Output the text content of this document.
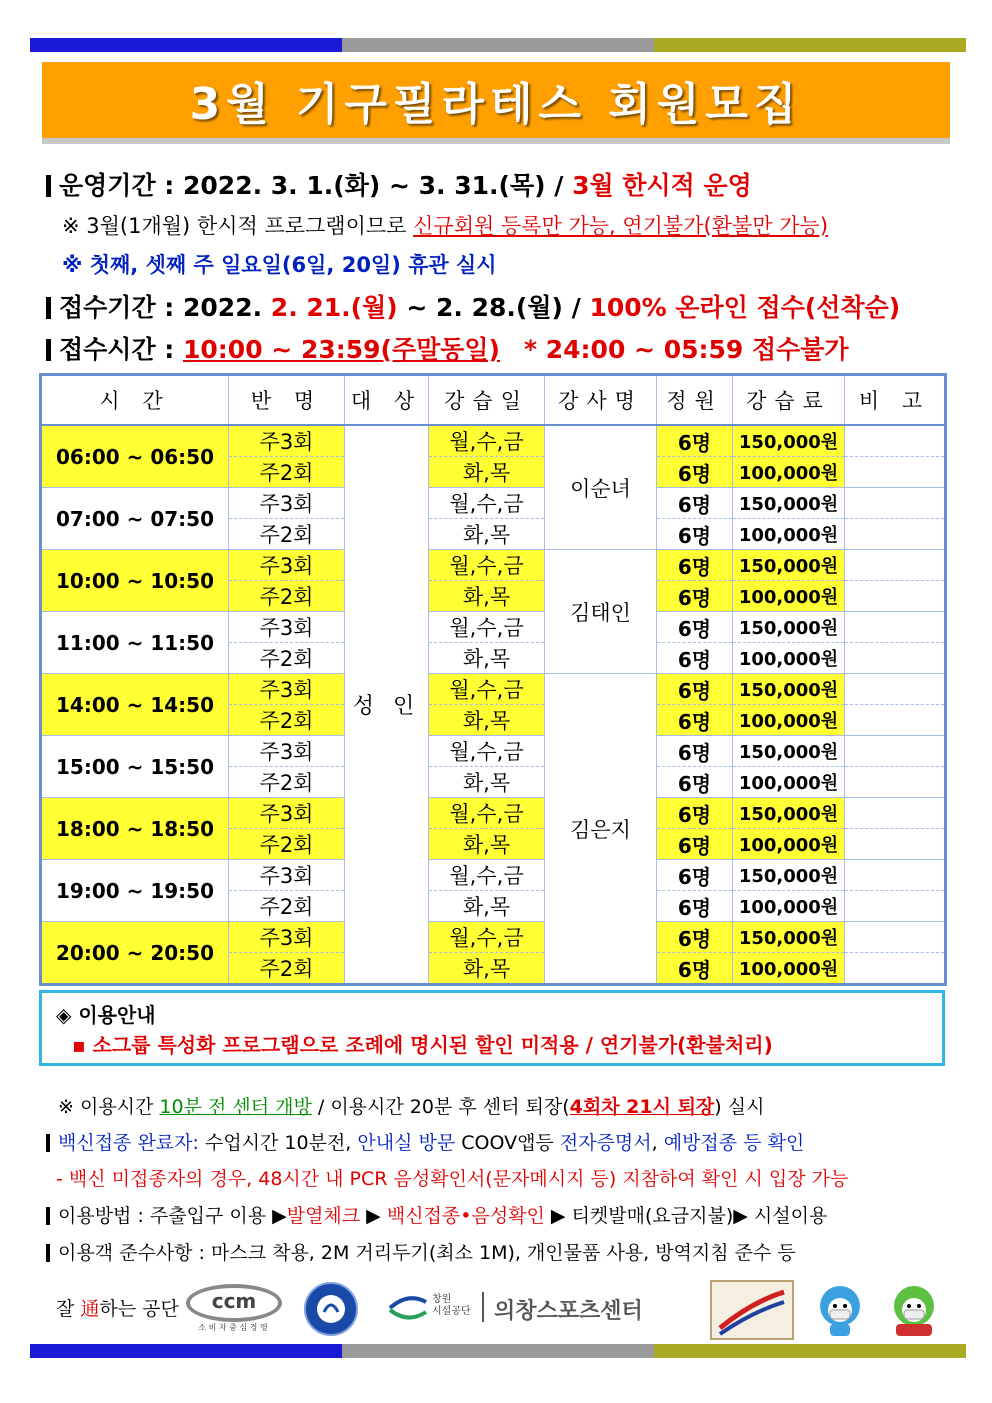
3월 기구필라테스 회원모집
운영기간 : 2022. 3. 1.(화) ~ 3. 31.(목) / 3월 한시적 운영
※ 3월(1개월) 한시적 프로그램이므로 신규회원 등록만 가능, 연기불가(환불만 가능)
※ 첫째, 셋째 주 일요일(6일, 20일) 휴관 실시
접수기간 : 2022. 2. 21.(월) ~ 2. 28.(월) / 100% 온라인 접수(선착순)
접수시간 : 10:00 ~ 23:59(주말동일) * 24:00 ~ 05:59 접수불가
시 간	반 명	대 상	강습일	강사명	정원	강습료	비 고
06:00 ~ 06:50	주3회	성 인	월,수,금	이순녀	6명	150,000원	
	주2회		화,목		6명	100,000원	
07:00 ~ 07:50	주3회		월,수,금		6명	150,000원	
	주2회		화,목		6명	100,000원	
10:00 ~ 10:50	주3회		월,수,금	김태인	6명	150,000원	
	주2회		화,목		6명	100,000원	
11:00 ~ 11:50	주3회		월,수,금		6명	150,000원	
	주2회		화,목		6명	100,000원	
14:00 ~ 14:50	주3회		월,수,금	김은지	6명	150,000원	
	주2회		화,목		6명	100,000원	
15:00 ~ 15:50	주3회		월,수,금		6명	150,000원	
	주2회		화,목		6명	100,000원	
18:00 ~ 18:50	주3회		월,수,금		6명	150,000원	
	주2회		화,목		6명	100,000원	
19:00 ~ 19:50	주3회		월,수,금		6명	150,000원	
	주2회		화,목		6명	100,000원	
20:00 ~ 20:50	주3회		월,수,금		6명	150,000원	
	주2회		화,목		6명	100,000원	
◈ 이용안내
▪ 소그룹 특성화 프로그램으로 조례에 명시된 할인 미적용 / 연기불가(환불처리)
※ 이용시간 10분 전 센터 개방 / 이용시간 20분 후 센터 퇴장(4회차 21시 퇴장) 실시
백신접종 완료자: 수업시간 10분전, 안내실 방문 COOV앱등 전자증명서, 예방접종 등 확인
- 백신 미접종자의 경우, 48시간 내 PCR 음성확인서(문자메시지 등) 지참하여 확인 시 입장 가능
이용방법 : 주출입구 이용 ▶발열체크 ▶ 백신접종•음성확인 ▶ 티켓발매(요금지불)▶ 시설이용
이용객 준수사항 : 마스크 착용, 2M 거리두기(최소 1M), 개인물품 사용, 방역지침 준수 등
잘 通하는 공단	ccm
소 비 자 중 심 경 영
창원
시설공단 의창스포츠센터
